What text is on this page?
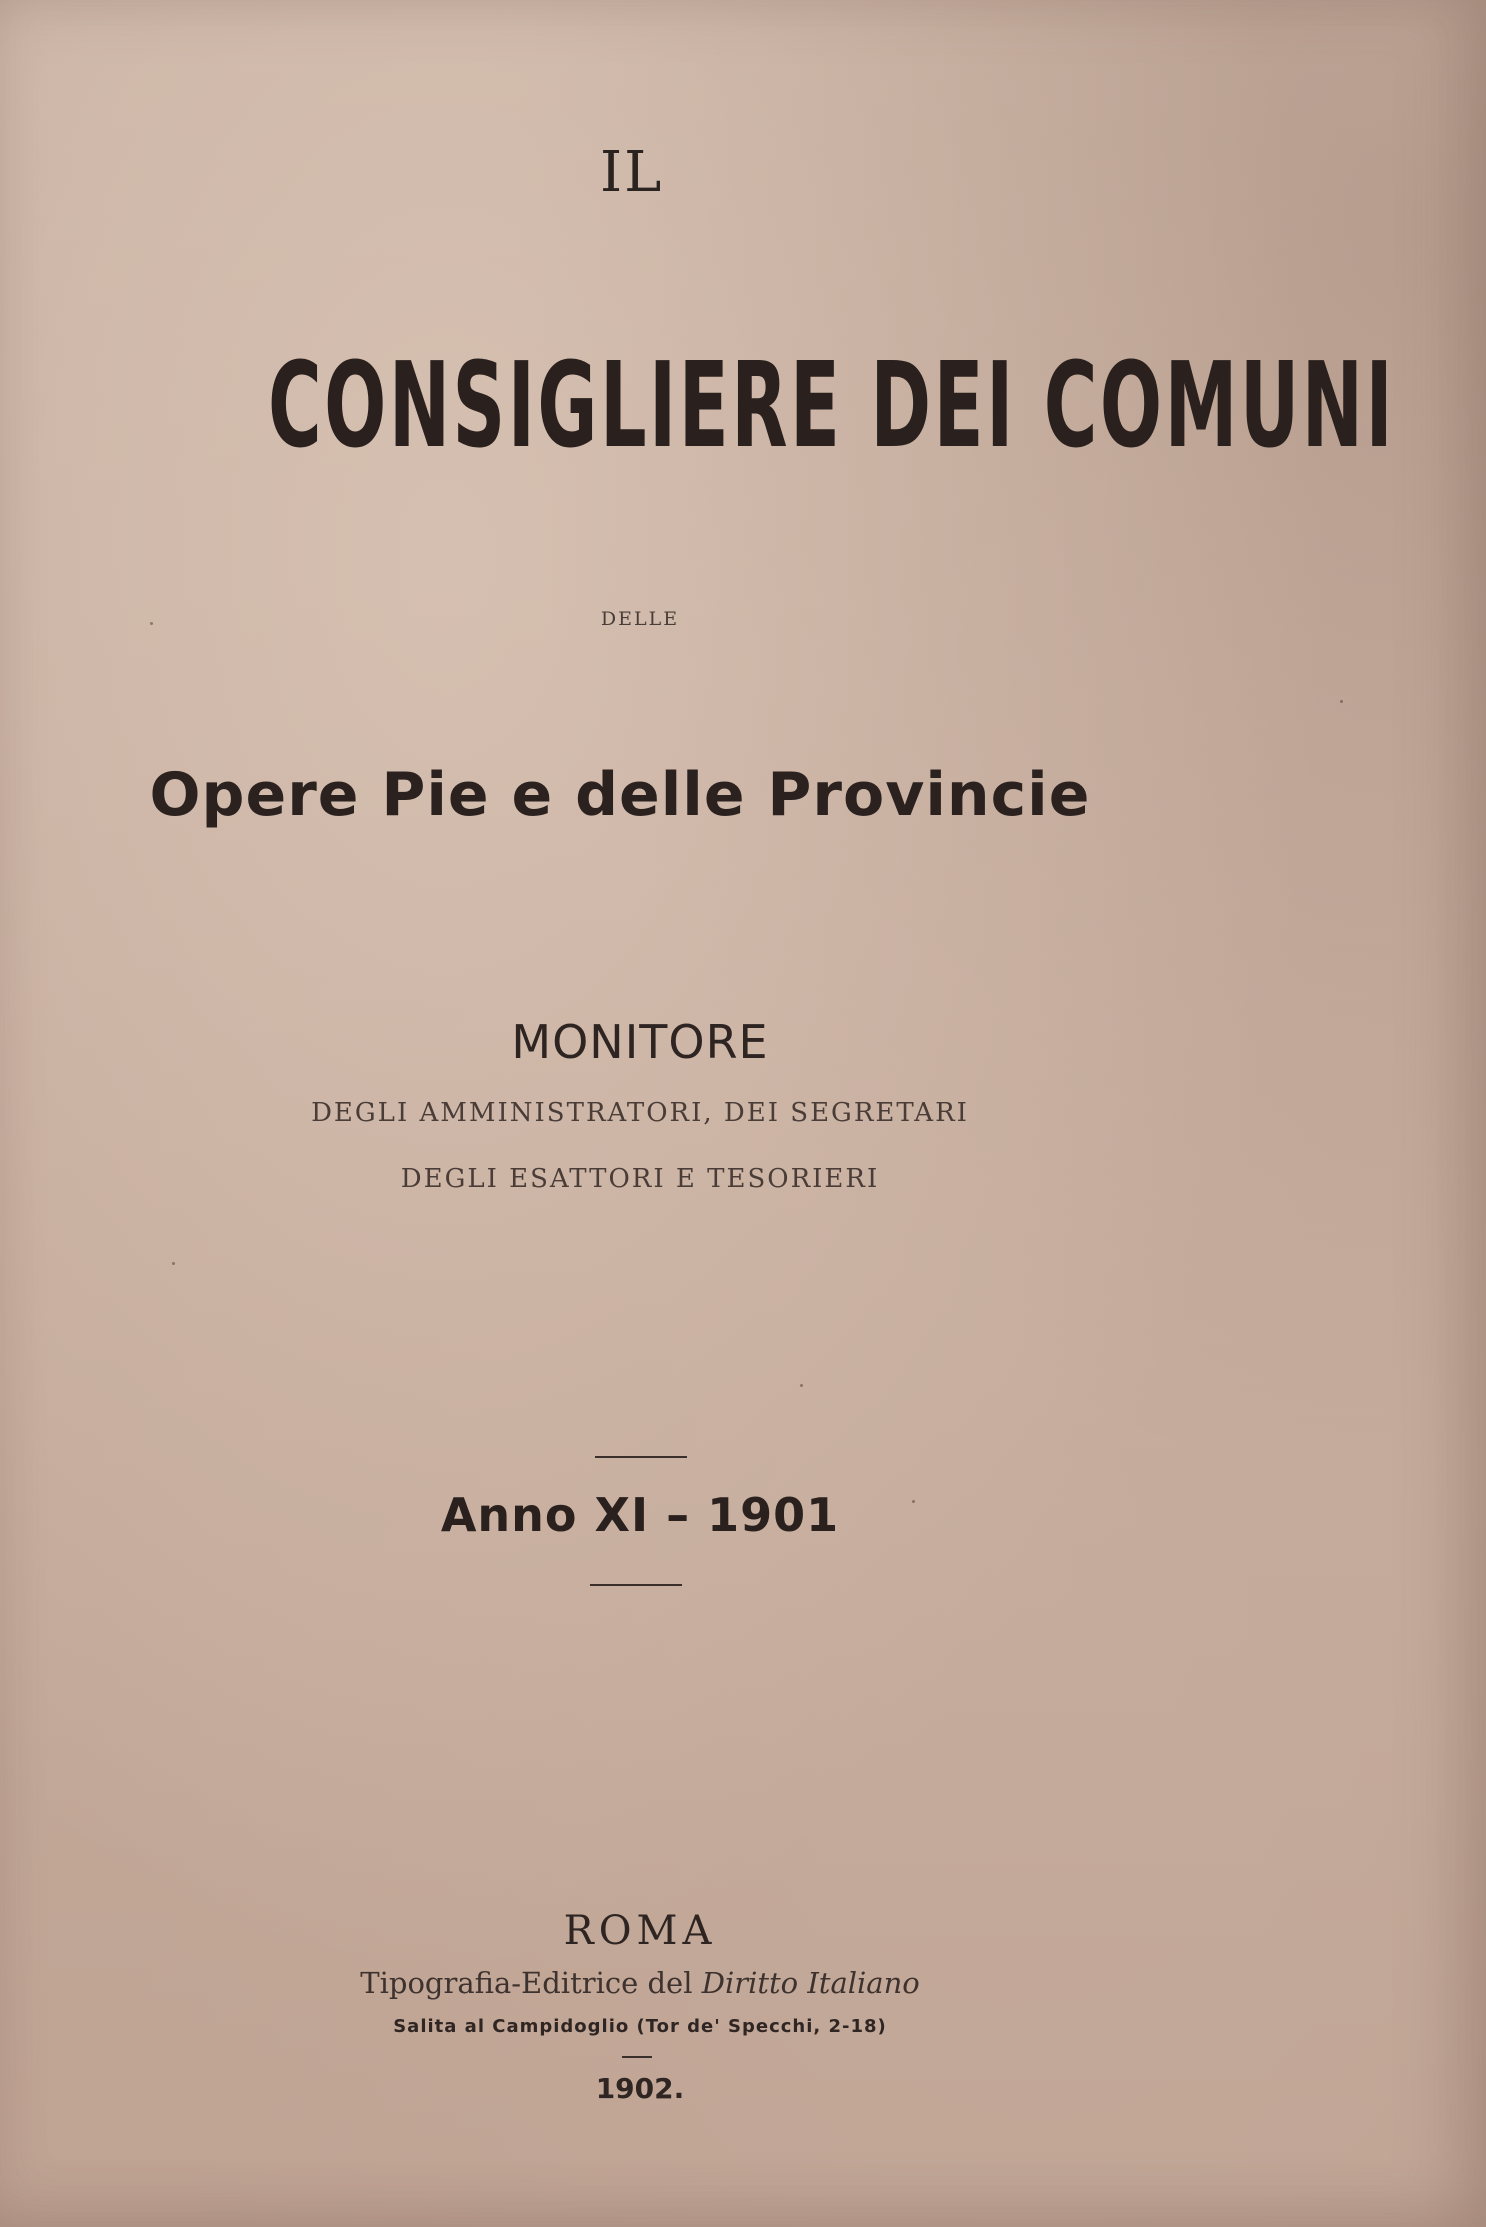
IL
CONSIGLIERE DEI COMUNI
DELLE
Opere Pie e delle Provincie
MONITORE
DEGLI AMMINISTRATORI, DEI SEGRETARI
DEGLI ESATTORI E TESORIERI
Anno XI – 1901
ROMA
Tipografia-Editrice del Diritto Italiano
Salita al Campidoglio (Tor de' Specchi, 2-18)
1902.
